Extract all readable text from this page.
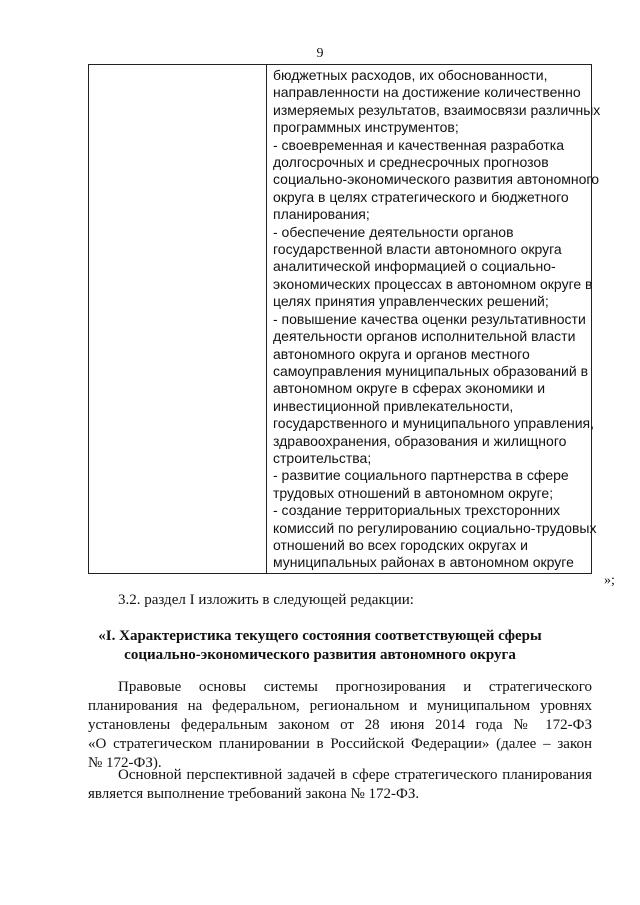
9
бюджетных расходов, их обоснованности,
направленности на достижение количественно
измеряемых результатов, взаимосвязи различных
программных инструментов;
- своевременная и качественная разработка
долгосрочных и среднесрочных прогнозов
социально-экономического развития автономного
округа в целях стратегического и бюджетного
планирования;
- обеспечение деятельности органов
государственной власти автономного округа
аналитической информацией о социально-
экономических процессах в автономном округе в
целях принятия управленческих решений;
- повышение качества оценки результативности
деятельности органов исполнительной власти
автономного округа и органов местного
самоуправления муниципальных образований в
автономном округе в сферах экономики и
инвестиционной привлекательности,
государственного и муниципального управления,
здравоохранения, образования и жилищного
строительства;
- развитие социального партнерства в сфере
трудовых отношений в автономном округе;
- создание территориальных трехсторонних
комиссий по регулированию социально-трудовых
отношений во всех городских округах и
муниципальных районах в автономном округе
»;
3.2. раздел I изложить в следующей редакции:
«I. Характеристика текущего состояния соответствующей сферы
социально-экономического развития автономного округа
Правовые основы системы прогнозирования и стратегического
планирования на федеральном, региональном и муниципальном уровнях
установлены федеральным законом от 28 июня 2014 года № 172-ФЗ
«О стратегическом планировании в Российской Федерации» (далее – закон
№ 172-ФЗ).
Основной перспективной задачей в сфере стратегического планирования
является выполнение требований закона № 172-ФЗ.
